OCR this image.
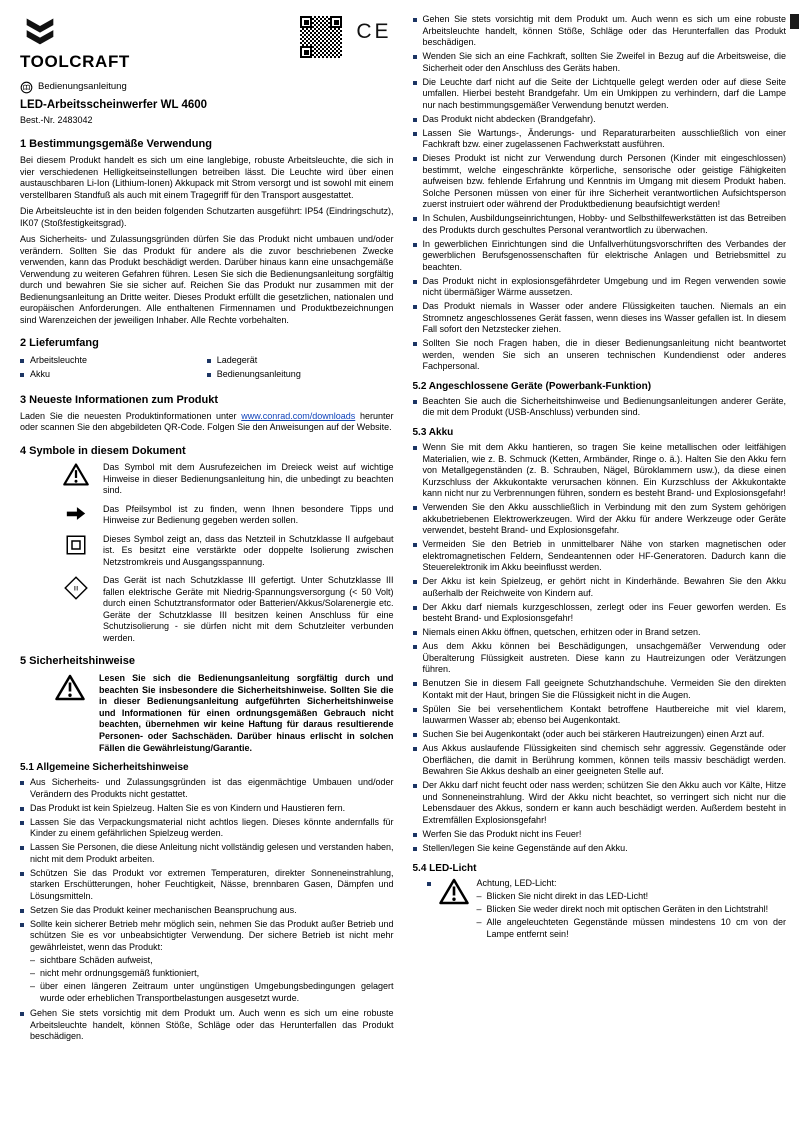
TOOLCRAFT
CE
Bedienungsanleitung
LED-Arbeitsscheinwerfer WL 4600
Best.-Nr. 2483042
1 Bestimmungsgemäße Verwendung

Bei diesem Produkt handelt es sich um eine langlebige, robuste Arbeitsleuchte, die sich in vier verschiedenen Helligkeitseinstellungen betreiben lässt. Die Leuchte wird über einen austauschbaren Li-Ion (Lithium-Ionen) Akkupack mit Strom versorgt und ist sowohl mit einem verstellbaren Standfuß als auch mit einem Tragegriff für den Transport ausgestattet.

Die Arbeitsleuchte ist in den beiden folgenden Schutzarten ausgeführt: IP54 (Eindringschutz), IK07 (Stoßfestigkeitsgrad).

Aus Sicherheits- und Zulassungsgründen dürfen Sie das Produkt nicht umbauen und/oder verändern. Sollten Sie das Produkt für andere als die zuvor beschriebenen Zwecke verwenden, kann das Produkt beschädigt werden. Darüber hinaus kann eine unsachgemäße Verwendung zu weiteren Gefahren führen. Lesen Sie sich die Bedienungsanleitung sorgfältig durch und bewahren Sie sie sicher auf. Reichen Sie das Produkt nur zusammen mit der Bedienungsanleitung an Dritte weiter. Dieses Produkt erfüllt die gesetzlichen, nationalen und europäischen Anforderungen. Alle enthaltenen Firmennamen und Produktbezeichnungen sind Warenzeichen der jeweiligen Inhaber. Alle Rechte vorbehalten.

2 Lieferumfang
Arbeitsleuchte
Akku
Ladegerät
Bedienungsanleitung
3 Neueste Informationen zum Produkt

Laden Sie die neuesten Produktinformationen unter www.conrad.com/downloads herunter oder scannen Sie den abgebildeten QR-Code. Folgen Sie den Anweisungen auf der Website.

4 Symbole in diesem Dokument
Das Symbol mit dem Ausrufezeichen im Dreieck weist auf wichtige Hinweise in dieser Bedienungsanleitung hin, die unbedingt zu beachten sind.
Das Pfeilsymbol ist zu finden, wenn Ihnen besondere Tipps und Hinweise zur Bedienung gegeben werden sollen.
Dieses Symbol zeigt an, dass das Netzteil in Schutzklasse II aufgebaut ist. Es besitzt eine verstärkte oder doppelte Isolierung zwischen Netzstromkreis und Ausgangsspannung.
III
Das Gerät ist nach Schutzklasse III gefertigt. Unter Schutzklasse III fallen elektrische Geräte mit Niedrig-Spannungsversorgung (< 50 Volt) durch einen Schutztransformator oder Batterien/Akkus/Solarenergie etc. Geräte der Schutzklasse III besitzen keinen Anschluss für eine Schutzisolierung - sie dürfen nicht mit dem Schutzleiter verbunden werden.
5 Sicherheitshinweise
Lesen Sie sich die Bedienungsanleitung sorgfältig durch und beachten Sie insbesondere die Sicherheitshinweise. Sollten Sie die in dieser Bedienungsanleitung aufgeführten Sicherheitshinweise und Informationen für einen ordnungsgemäßen Gebrauch nicht beachten, übernehmen wir keine Haftung für daraus resultierende Personen- oder Sachschäden. Darüber hinaus erlischt in solchen Fällen die Gewährleistung/Garantie.
5.1 Allgemeine Sicherheitshinweise
Aus Sicherheits- und Zulassungsgründen ist das eigenmächtige Umbauen und/oder Verändern des Produkts nicht gestattet.
Das Produkt ist kein Spielzeug. Halten Sie es von Kindern und Haustieren fern.
Lassen Sie das Verpackungsmaterial nicht achtlos liegen. Dieses könnte andernfalls für Kinder zu einem gefährlichen Spielzeug werden.
Lassen Sie Personen, die diese Anleitung nicht vollständig gelesen und verstanden haben, nicht mit dem Produkt arbeiten.
Schützen Sie das Produkt vor extremen Temperaturen, direkter Sonneneinstrahlung, starken Erschütterungen, hoher Feuchtigkeit, Nässe, brennbaren Gasen, Dämpfen und Lösungsmitteln.
Setzen Sie das Produkt keiner mechanischen Beanspruchung aus.
Sollte kein sicherer Betrieb mehr möglich sein, nehmen Sie das Produkt außer Betrieb und schützen Sie es vor unbeabsichtigter Verwendung. Der sichere Betrieb ist nicht mehr gewährleistet, wenn das Produkt:
– sichtbare Schäden aufweist,
– nicht mehr ordnungsgemäß funktioniert,
– über einen längeren Zeitraum unter ungünstigen Umgebungsbedingungen gelagert wurde oder erheblichen Transportbelastungen ausgesetzt wurde.
Gehen Sie stets vorsichtig mit dem Produkt um. Auch wenn es sich um eine robuste Arbeitsleuchte handelt, können Stöße, Schläge oder das Herunterfallen das Produkt beschädigen.
Gehen Sie stets vorsichtig mit dem Produkt um. Auch wenn es sich um eine robuste Arbeitsleuchte handelt, können Stöße, Schläge oder das Herunterfallen das Produkt beschädigen.
Wenden Sie sich an eine Fachkraft, sollten Sie Zweifel in Bezug auf die Arbeitsweise, die Sicherheit oder den Anschluss des Geräts haben.
Die Leuchte darf nicht auf die Seite der Lichtquelle gelegt werden oder auf diese Seite umfallen. Hierbei besteht Brandgefahr. Um ein Umkippen zu verhindern, darf die Lampe nur nach bestimmungsgemäßer Verwendung benutzt werden.
Das Produkt nicht abdecken (Brandgefahr).
Lassen Sie Wartungs-, Änderungs- und Reparaturarbeiten ausschließlich von einer Fachkraft bzw. einer zugelassenen Fachwerkstatt ausführen.
Dieses Produkt ist nicht zur Verwendung durch Personen (Kinder mit eingeschlossen) bestimmt, welche eingeschränkte körperliche, sensorische oder geistige Fähigkeiten aufweisen bzw. fehlende Erfahrung und Kenntnis im Umgang mit diesem Produkt haben. Solche Personen müssen von einer für ihre Sicherheit verantwortlichen Aufsichtsperson zuerst instruiert oder während der Produktbedienung beaufsichtigt werden!
In Schulen, Ausbildungseinrichtungen, Hobby- und Selbsthilfewerkstätten ist das Betreiben des Produkts durch geschultes Personal verantwortlich zu überwachen.
In gewerblichen Einrichtungen sind die Unfallverhütungsvorschriften des Verbandes der gewerblichen Berufsgenossenschaften für elektrische Anlagen und Betriebsmittel zu beachten.
Das Produkt nicht in explosionsgefährdeter Umgebung und im Regen verwenden sowie nicht übermäßiger Wärme aussetzen.
Das Produkt niemals in Wasser oder andere Flüssigkeiten tauchen. Niemals an ein Stromnetz angeschlossenes Gerät fassen, wenn dieses ins Wasser gefallen ist. In diesem Fall sofort den Netzstecker ziehen.
Sollten Sie noch Fragen haben, die in dieser Bedienungsanleitung nicht beantwortet werden, wenden Sie sich an unseren technischen Kundendienst oder anderes Fachpersonal.
5.2 Angeschlossene Geräte (Powerbank-Funktion)
Beachten Sie auch die Sicherheitshinweise und Bedienungsanleitungen anderer Geräte, die mit dem Produkt (USB-Anschluss) verbunden sind.
5.3 Akku
Wenn Sie mit dem Akku hantieren, so tragen Sie keine metallischen oder leitfähigen Materialien, wie z. B. Schmuck (Ketten, Armbänder, Ringe o. ä.). Halten Sie den Akku fern von Metallgegenständen (z. B. Schrauben, Nägel, Büroklammern usw.), da diese einen Kurzschluss der Akkukontakte verursachen können. Ein Kurzschluss der Akkukontakte kann nicht nur zu Verbrennungen führen, sondern es besteht Brand- und Explosionsgefahr!
Verwenden Sie den Akku ausschließlich in Verbindung mit den zum System gehörigen akkubetriebenen Elektrowerkzeugen. Wird der Akku für andere Werkzeuge oder Geräte verwendet, besteht Brand- und Explosionsgefahr.
Vermeiden Sie den Betrieb in unmittelbarer Nähe von starken magnetischen oder elektromagnetischen Feldern, Sendeantennen oder HF-Generatoren. Dadurch kann die Steuerelektronik im Akku beeinflusst werden.
Der Akku ist kein Spielzeug, er gehört nicht in Kinderhände. Bewahren Sie den Akku außerhalb der Reichweite von Kindern auf.
Der Akku darf niemals kurzgeschlossen, zerlegt oder ins Feuer geworfen werden. Es besteht Brand- und Explosionsgefahr!
Niemals einen Akku öffnen, quetschen, erhitzen oder in Brand setzen.
Aus dem Akku können bei Beschädigungen, unsachgemäßer Verwendung oder Überalterung Flüssigkeit austreten. Diese kann zu Hautreizungen oder Verätzungen führen.
Benutzen Sie in diesem Fall geeignete Schutzhandschuhe. Vermeiden Sie den direkten Kontakt mit der Haut, bringen Sie die Flüssigkeit nicht in die Augen.
Spülen Sie bei versehentlichem Kontakt betroffene Hautbereiche mit viel klarem, lauwarmen Wasser ab; ebenso bei Augenkontakt.
Suchen Sie bei Augenkontakt (oder auch bei stärkeren Hautreizungen) einen Arzt auf.
Aus Akkus auslaufende Flüssigkeiten sind chemisch sehr aggressiv. Gegenstände oder Oberflächen, die damit in Berührung kommen, können teils massiv beschädigt werden. Bewahren Sie Akkus deshalb an einer geeigneten Stelle auf.
Der Akku darf nicht feucht oder nass werden; schützen Sie den Akku auch vor Kälte, Hitze und Sonneneinstrahlung. Wird der Akku nicht beachtet, so verringert sich nicht nur die Lebensdauer des Akkus, sondern er kann auch beschädigt werden. Außerdem besteht in Extremfällen Explosionsgefahr!
Werfen Sie das Produkt nicht ins Feuer!
Stellen/legen Sie keine Gegenstände auf den Akku.
5.4 LED-Licht
Achtung, LED-Licht:
– Blicken Sie nicht direkt in das LED-Licht!
– Blicken Sie weder direkt noch mit optischen Geräten in den Lichtstrahl!
– Alle angeleuchteten Gegenstände müssen mindestens 10 cm von der Lampe entfernt sein!
